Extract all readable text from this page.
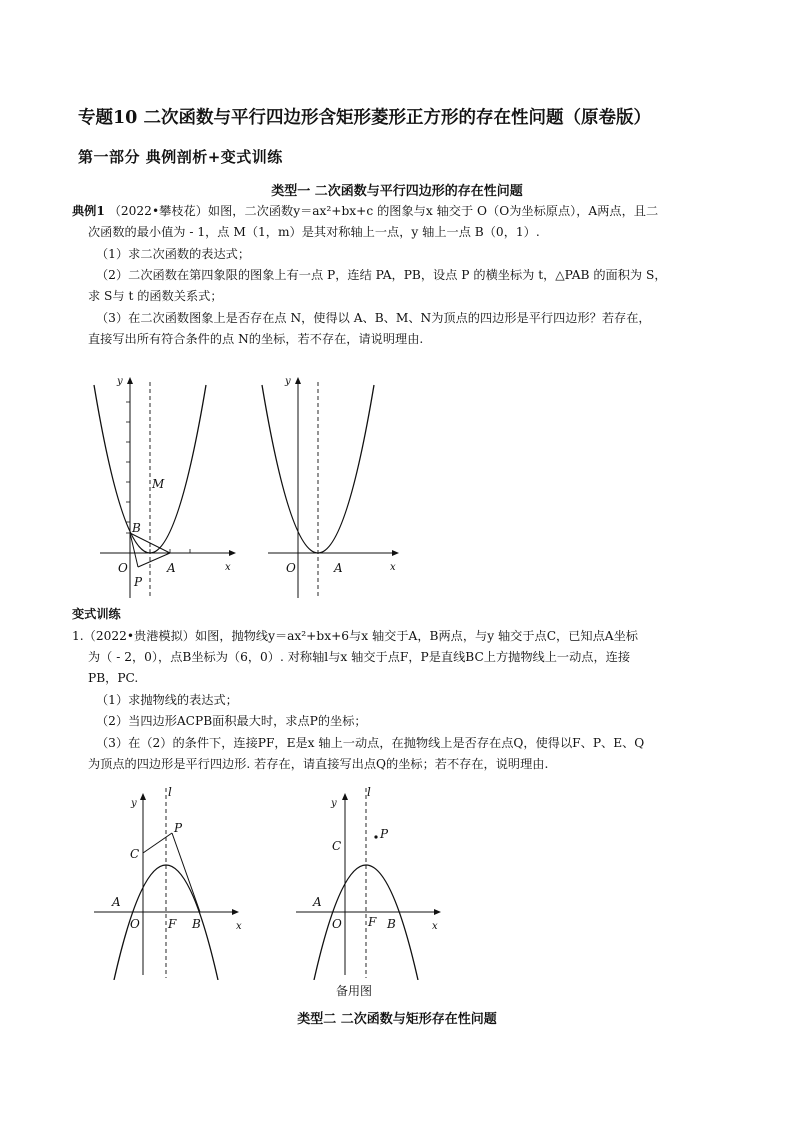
专题10 二次函数与平行四边形含矩形菱形正方形的存在性问题（原卷版）
第一部分 典例剖析+变式训练
类型一 二次函数与平行四边形的存在性问题
典例1 （2022•攀枝花）如图，二次函数y＝ax²+bx+c 的图象与x 轴交于 O（O为坐标原点），A两点，且二
次函数的最小值为 - 1，点 M（1，m）是其对称轴上一点，y 轴上一点 B（0，1）.
（1）求二次函数的表达式；
（2）二次函数在第四象限的图象上有一点 P，连结 PA，PB，设点 P 的横坐标为 t，△PAB 的面积为 S，
求 S与 t 的函数关系式；
（3）在二次函数图象上是否存在点 N，使得以 A、B、M、N为顶点的四边形是平行四边形？若存在，
直接写出所有符合条件的点 N的坐标，若不存在，请说明理由.
y
x
O	A
B
M
P
y
x
O	A
变式训练
1.（2022•贵港模拟）如图，抛物线y＝ax²+bx+6与x 轴交于A，B两点，与y 轴交于点C，已知点A坐标
为（ - 2，0），点B坐标为（6，0）. 对称轴l与x 轴交于点F，P是直线BC上方抛物线上一动点，连接
PB，PC.
（1）求抛物线的表达式；
（2）当四边形ACPB面积最大时，求点P的坐标；
（3）在（2）的条件下，连接PF，E是x 轴上一动点，在抛物线上是否存在点Q，使得以F、P、E、Q
为顶点的四边形是平行四边形. 若存在，请直接写出点Q的坐标；若不存在，说明理由.
y
l
x
A
C
P
O F B
y
l
x
A
C
P
O F B
备用图
类型二 二次函数与矩形存在性问题
